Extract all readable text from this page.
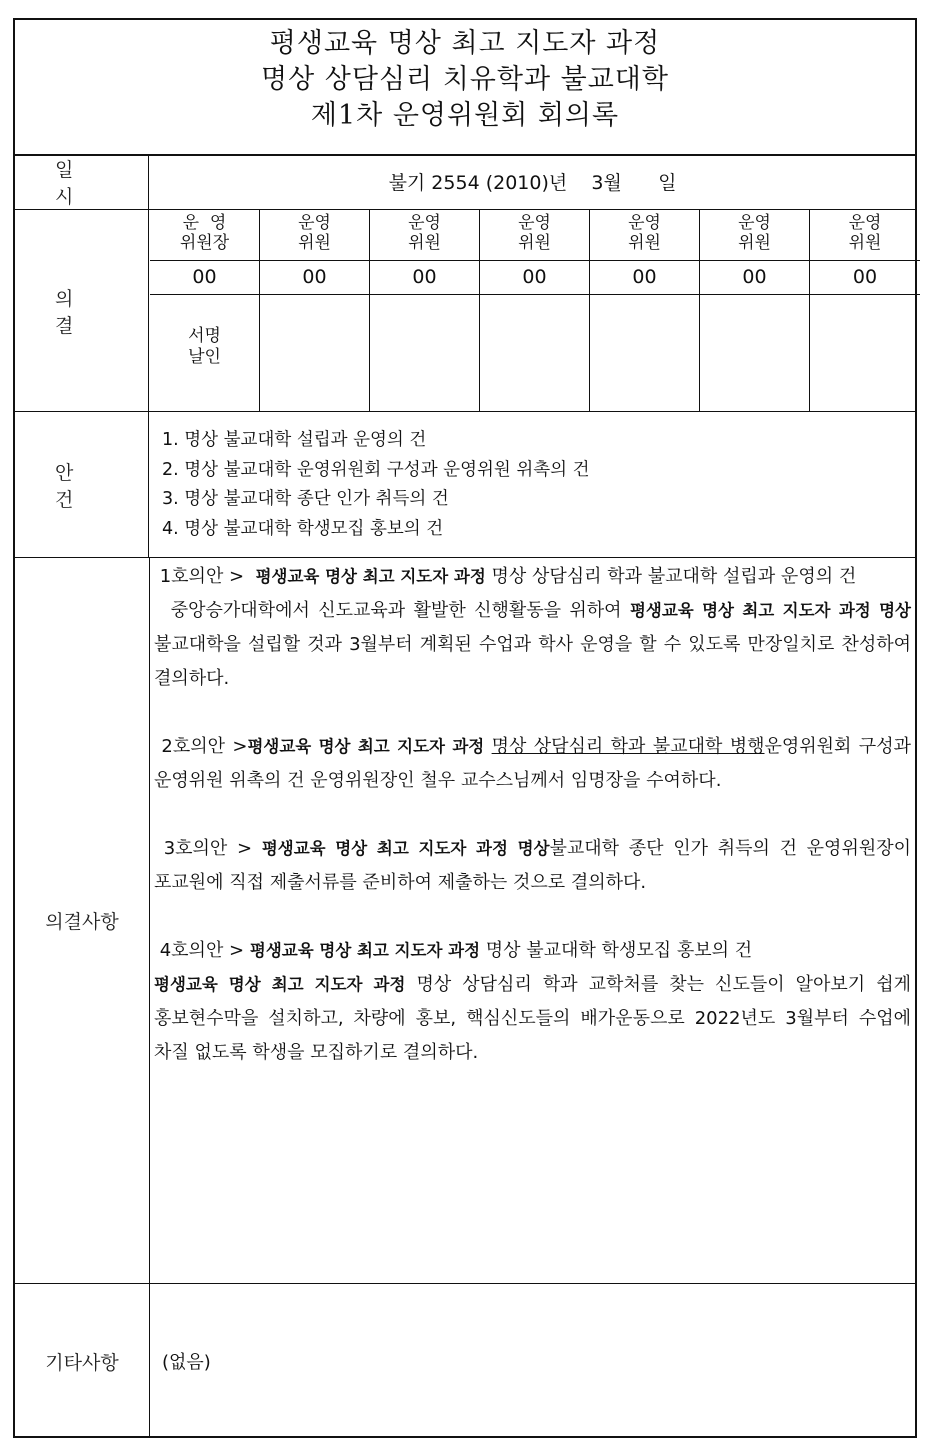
평생교육 명상 최고 지도자 과정
명상 상담심리 치유학과 불교대학
제1차 운영위원회 회의록
일시
불기 2554 (2010)년    3월      일
의결
운  영
위원장
00
서명
날인
운영
위원
00
운영
위원
00
운영
위원
00
운영
위원
00
운영
위원
00
운영
위원
00
안건
1. 명상 불교대학 설립과 운영의 건
2. 명상 불교대학 운영위원회 구성과 운영위원 위촉의 건
3. 명상 불교대학 종단 인가 취득의 건
4. 명상 불교대학 학생모집 홍보의 건
의결사항

1호의안 >  평생교육 명상 최고 지도자 과정 명상 상담심리 학과 불교대학 설립과 운영의 건

중앙승가대학에서 신도교육과 활발한 신행활동을 위하여 평생교육 명상 최고 지도자 과정 명상 불교대학을 설립할 것과 3월부터 계획된 수업과 학사 운영을 할 수 있도록 만장일치로 찬성하여 결의하다.

2호의안 >평생교육 명상 최고 지도자 과정 명상 상담심리 학과 불교대학 병행운영위원회 구성과 운영위원 위촉의 건 운영위원장인 철우 교수스님께서 임명장을 수여하다.

3호의안 > 평생교육 명상 최고 지도자 과정 명상불교대학 종단 인가 취득의 건 운영위원장이 포교원에 직접 제출서류를 준비하여 제출하는 것으로 결의하다.

4호의안 > 평생교육 명상 최고 지도자 과정 명상 불교대학 학생모집 홍보의 건

평생교육 명상 최고 지도자 과정 명상 상담심리 학과 교학처를 찾는 신도들이 알아보기 쉽게 홍보현수막을 설치하고, 차량에 홍보, 핵심신도들의 배가운동으로 2022년도 3월부터 수업에 차질 없도록 학생을 모집하기로 결의하다.

기타사항	(없음)
